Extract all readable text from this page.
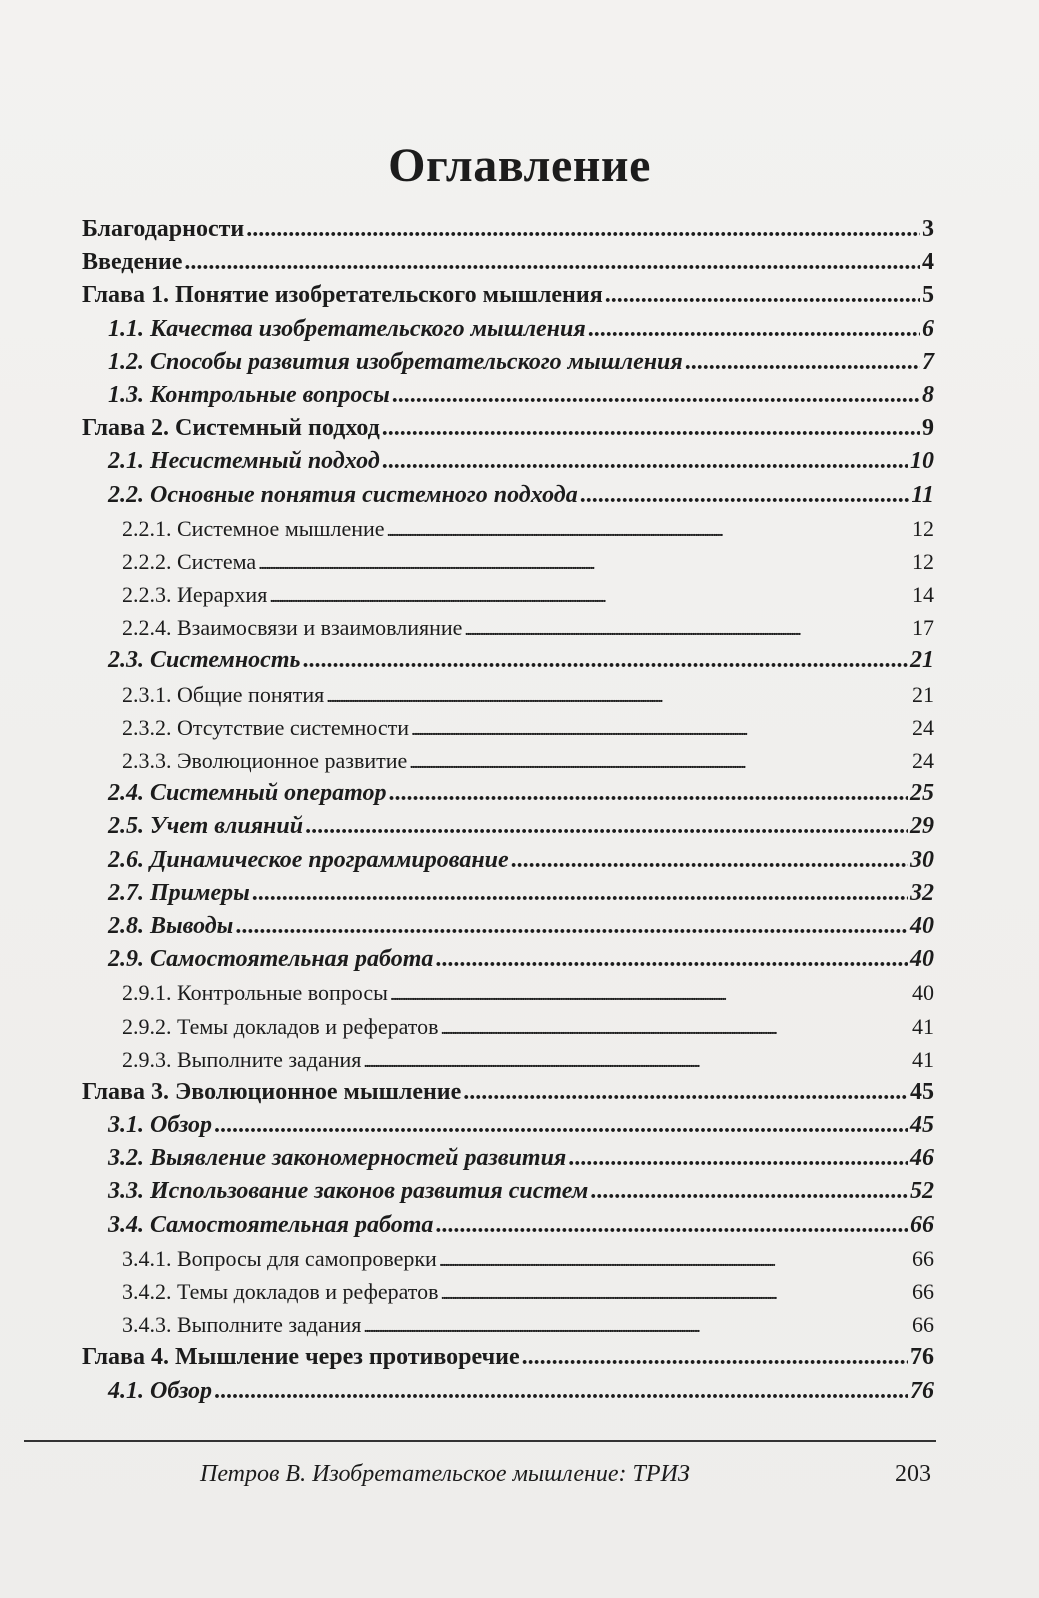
Оглавление
Благодарности . . .	3
Введение . . .	4
Глава 1. Понятие изобретательского мышления . . .	5
1.1. Качества изобретательского мышления . . .	6
1.2. Способы развития изобретательского мышления . . .	7
1.3. Контрольные вопросы . . .	8
Глава 2. Системный подход . . .	9
2.1. Несистемный подход . . .	10
2.2. Основные понятия системного подхода . . .	11
2.2.1. Системное мышление . . .	12
2.2.2. Система . . .	12
2.2.3. Иерархия . . .	14
2.2.4. Взаимосвязи и взаимовлияние . . .	17
2.3. Системность . . .	21
2.3.1. Общие понятия . . .	21
2.3.2. Отсутствие системности . . .	24
2.3.3. Эволюционное развитие . . .	24
2.4. Системный оператор . . .	25
2.5. Учет влияний . . .	29
2.6. Динамическое программирование . . .	30
2.7. Примеры . . .	32
2.8. Выводы . . .	40
2.9. Самостоятельная работа . . .	40
2.9.1. Контрольные вопросы . . .	40
2.9.2. Темы докладов и рефератов . . .	41
2.9.3. Выполните задания . . .	41
Глава 3. Эволюционное мышление . . .	45
3.1. Обзор . . .	45
3.2. Выявление закономерностей развития . . .	46
3.3. Использование законов развития систем . . .	52
3.4. Самостоятельная работа . . .	66
3.4.1. Вопросы для самопроверки . . .	66
3.4.2. Темы докладов и рефератов . . .	66
3.4.3. Выполните задания . . .	66
Глава 4. Мышление через противоречие . . .	76
4.1. Обзор . . .	76
Петров В. Изобретательское мышление: ТРИЗ	203
